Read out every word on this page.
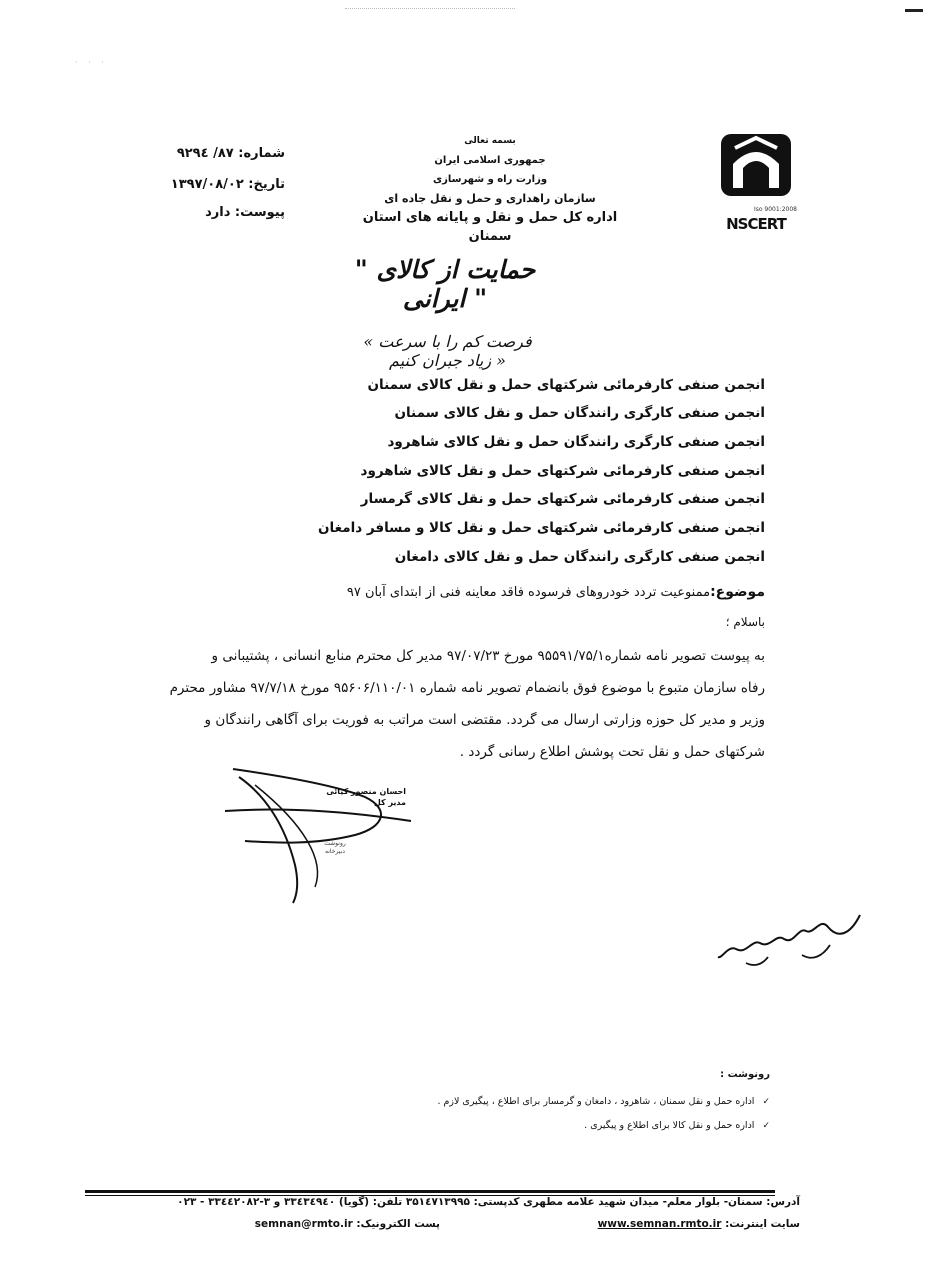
· · ·
Iso 9001:2008
NSCERT
بسمه تعالی
جمهوری اسلامی ایران
وزارت راه و شهرسازی
سازمان راهداری و حمل و نقل جاده ای
اداره کل حمل و نقل و پایانه های استان سمنان
شماره: ۸۷/ ۹۲۹٤
تاریخ: ۱۳۹۷/۰۸/۰۲
پیوست: دارد
" حمایت از کالای ایرانی "
« فرصت کم را با سرعت زیاد جبران کنیم »
انجمن صنفی کارفرمائی شرکتهای حمل و نقل کالای سمنان
انجمن صنفی کارگری رانندگان حمل و نقل کالای سمنان
انجمن صنفی کارگری رانندگان حمل و نقل کالای شاهرود
انجمن صنفی کارفرمائی شرکتهای حمل و نقل کالای شاهرود
انجمن صنفی کارفرمائی شرکتهای حمل و نقل کالای گرمسار
انجمن صنفی کارفرمائی شرکتهای حمل و نقل کالا و مسافر دامغان
انجمن صنفی کارگری رانندگان حمل و نقل کالای دامغان
موضوع:ممنوعیت تردد خودروهای فرسوده فاقد معاینه فنی از ابتدای آبان ۹۷
باسلام ؛
به پیوست تصویر نامه شماره۹۵۵۹۱/۷۵/۱ مورخ ۹۷/۰۷/۲۳ مدیر کل محترم منابع انسانی ، پشتیبانی و
رفاه سازمان متبوع با موضوع فوق بانضمام تصویر نامه شماره ۹۵۶۰۶/۱۱۰/۰۱ مورخ ۹۷/۷/۱۸ مشاور محترم
وزیر و مدیر کل حوزه وزارتی ارسال می گردد. مقتضی است مراتب به فوریت برای آگاهی رانندگان و
شرکتهای حمل و نقل تحت پوشش اطلاع رسانی گردد .
احسان منصور کیائی
مدیر کل
رونوشت
دبیرخانه
رونوشت :
✓اداره حمل و نقل سمنان ، شاهرود ، دامغان و گرمسار برای اطلاع ، پیگیری لازم .
✓اداره حمل و نقل کالا برای اطلاع و پیگیری .
آدرس: سمنان- بلوار معلم- میدان شهید علامه مطهری کدپستی: ۳۵۱٤۷۱۳۹۹۵ تلفن: (گویا) ۳۳٤۳٤۹٤۰ و ۳-۳۳٤٤۲۰۸۲ - ۰۲۳
سایت اینترنت: www.semnan.rmto.ir
پست الکترونیک: semnan@rmto.ir
